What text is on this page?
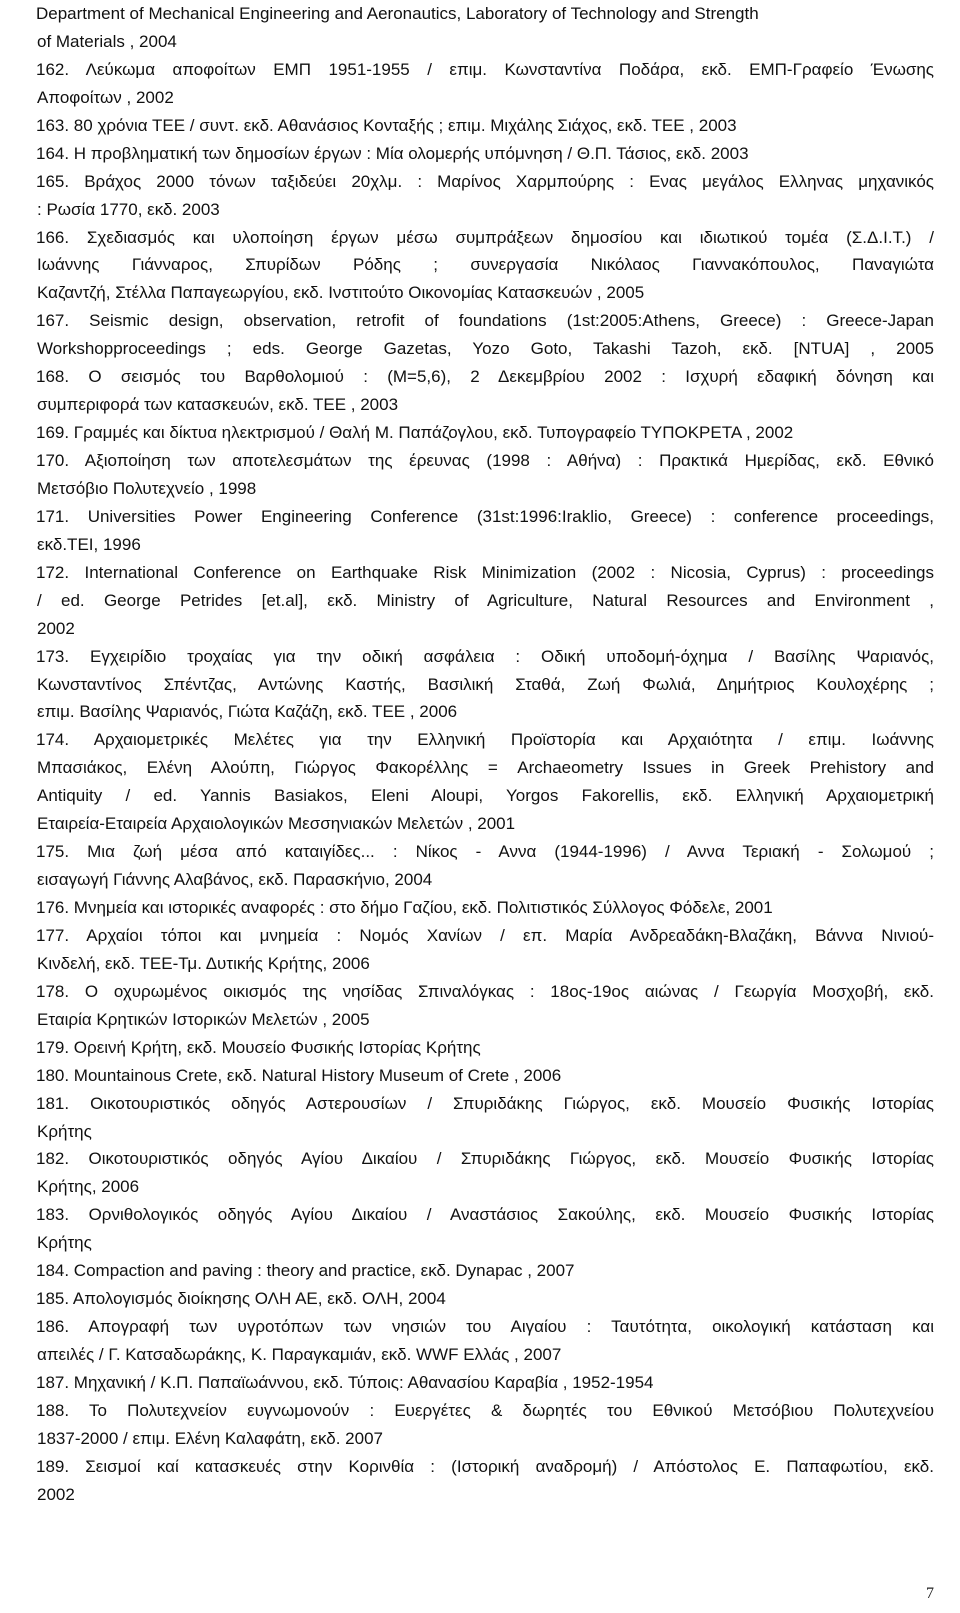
Department of Mechanical Engineering and Aeronautics, Laboratory of Technology and Strength
of Materials , 2004
162. Λεύκωμα αποφοίτων ΕΜΠ 1951-1955 / επιμ. Κωνσταντίνα Ποδάρα, εκδ. ΕΜΠ-Γραφείο Ένωσης
Αποφοίτων , 2002
163. 80 χρόνια ΤΕΕ / συντ. εκδ. Αθανάσιος Κονταξής ; επιμ. Μιχάλης Σιάχος, εκδ. ΤΕΕ , 2003
164. Η προβληματική των δημοσίων έργων : Μία ολομερής υπόμνηση / Θ.Π. Τάσιος, εκδ. 2003
165. Βράχος 2000 τόνων ταξιδεύει 20χλμ. : Μαρίνος Χαρμπούρης : Ενας μεγάλος Ελληνας μηχανικός
: Ρωσία 1770, εκδ. 2003
166. Σχεδιασμός και υλοποίηση έργων μέσω συμπράξεων δημοσίου και ιδιωτικού τομέα (Σ.Δ.Ι.Τ.) /
Ιωάννης Γιάνναρος, Σπυρίδων Ρόδης ; συνεργασία Νικόλαος Γιαννακόπουλος, Παναγιώτα
Καζαντζή, Στέλλα Παπαγεωργίου, εκδ. Ινστιτούτο Οικονομίας Κατασκευών , 2005
167. Seismic design, observation, retrofit of foundations (1st:2005:Athens, Greece) : Greece-Japan
Workshopproceedings ; eds. George Gazetas, Yozo Goto, Takashi Tazoh, εκδ. [NTUA] , 2005
168. Ο σεισμός του Βαρθολομιού : (Μ=5,6), 2 Δεκεμβρίου 2002 : Ισχυρή εδαφική δόνηση και
συμπεριφορά των κατασκευών, εκδ. ΤΕΕ , 2003
169. Γραμμές και δίκτυα ηλεκτρισμού / Θαλή Μ. Παπάζογλου, εκδ. Τυπογραφείο ΤΥΠΟΚΡΕΤΑ , 2002
170. Αξιοποίηση των αποτελεσμάτων της έρευνας (1998 : Αθήνα) : Πρακτικά Ημερίδας, εκδ. Εθνικό
Μετσόβιο Πολυτεχνείο , 1998
171. Universities Power Engineering Conference (31st:1996:Iraklio, Greece) : conference proceedings,
εκδ.ΤΕΙ, 1996
172. International Conference on Earthquake Risk Minimization (2002 : Nicosia, Cyprus) : proceedings
/ ed. George Petrides [et.al], εκδ. Ministry of Agriculture, Natural Resources and Environment ,
2002
173. Εγχειρίδιο τροχαίας για την οδική ασφάλεια : Οδική υποδομή-όχημα / Βασίλης Ψαριανός,
Κωνσταντίνος Σπέντζας, Αντώνης Καστής, Βασιλική Σταθά, Ζωή Φωλιά, Δημήτριος Κουλοχέρης ;
επιμ. Βασίλης Ψαριανός, Γιώτα Καζάζη, εκδ. ΤΕΕ , 2006
174. Αρχαιομετρικές Μελέτες για την Ελληνική Προϊστορία και Αρχαιότητα / επιμ. Ιωάννης
Μπασιάκος, Ελένη Αλούπη, Γιώργος Φακορέλλης = Archaeometry Issues in Greek Prehistory and
Antiquity / ed. Yannis Basiakos, Eleni Aloupi, Yorgos Fakorellis, εκδ. Ελληνική Αρχαιομετρική
Εταιρεία-Εταιρεία Αρχαιολογικών Μεσσηνιακών Μελετών , 2001
175. Μια ζωή μέσα από καταιγίδες... : Νίκος - Αννα (1944-1996) / Αννα Τεριακή - Σολωμού ;
εισαγωγή Γιάννης Αλαβάνος, εκδ. Παρασκήνιο, 2004
176. Μνημεία και ιστορικές αναφορές : στο δήμο Γαζίου, εκδ. Πολιτιστικός Σύλλογος Φόδελε, 2001
177. Αρχαίοι τόποι και μνημεία : Νομός Χανίων / επ. Μαρία Ανδρεαδάκη-Βλαζάκη, Βάννα Νινιού-
Κινδελή, εκδ. ΤΕΕ-Τμ. Δυτικής Κρήτης, 2006
178. Ο οχυρωμένος οικισμός της νησίδας Σπιναλόγκας : 18ος-19ος αιώνας / Γεωργία Μοσχοβή, εκδ.
Εταιρία Κρητικών Ιστορικών Μελετών , 2005
179. Ορεινή Κρήτη, εκδ. Μουσείο Φυσικής Ιστορίας Κρήτης
180. Mountainous Crete, εκδ. Natural History Museum of Crete , 2006
181. Οικοτουριστικός οδηγός Αστερουσίων / Σπυριδάκης Γιώργος, εκδ. Μουσείο Φυσικής Ιστορίας
Κρήτης
182. Οικοτουριστικός οδηγός Αγίου Δικαίου / Σπυριδάκης Γιώργος, εκδ. Μουσείο Φυσικής Ιστορίας
Κρήτης, 2006
183. Ορνιθολογικός οδηγός Αγίου Δικαίου / Αναστάσιος Σακούλης, εκδ. Μουσείο Φυσικής Ιστορίας
Κρήτης
184. Compaction and paving : theory and practice, εκδ. Dynapac , 2007
185. Απολογισμός διοίκησης ΟΛΗ ΑΕ, εκδ. ΟΛΗ, 2004
186. Απογραφή των υγροτόπων των νησιών του Αιγαίου : Ταυτότητα, οικολογική κατάσταση και
απειλές / Γ. Κατσαδωράκης, Κ. Παραγκαμιάν, εκδ. WWF Ελλάς , 2007
187. Μηχανική / Κ.Π. Παπαϊωάννου, εκδ. Τύποις: Αθανασίου Καραβία , 1952-1954
188. Το Πολυτεχνείον ευγνωμονούν : Ευεργέτες & δωρητές του Εθνικού Μετσόβιου Πολυτεχνείου
1837-2000 / επιμ. Ελένη Καλαφάτη, εκδ. 2007
189. Σεισμοί καί κατασκευές στην Κορινθία : (Ιστορική αναδρομή) / Απόστολος Ε. Παπαφωτίου, εκδ.
2002
7
